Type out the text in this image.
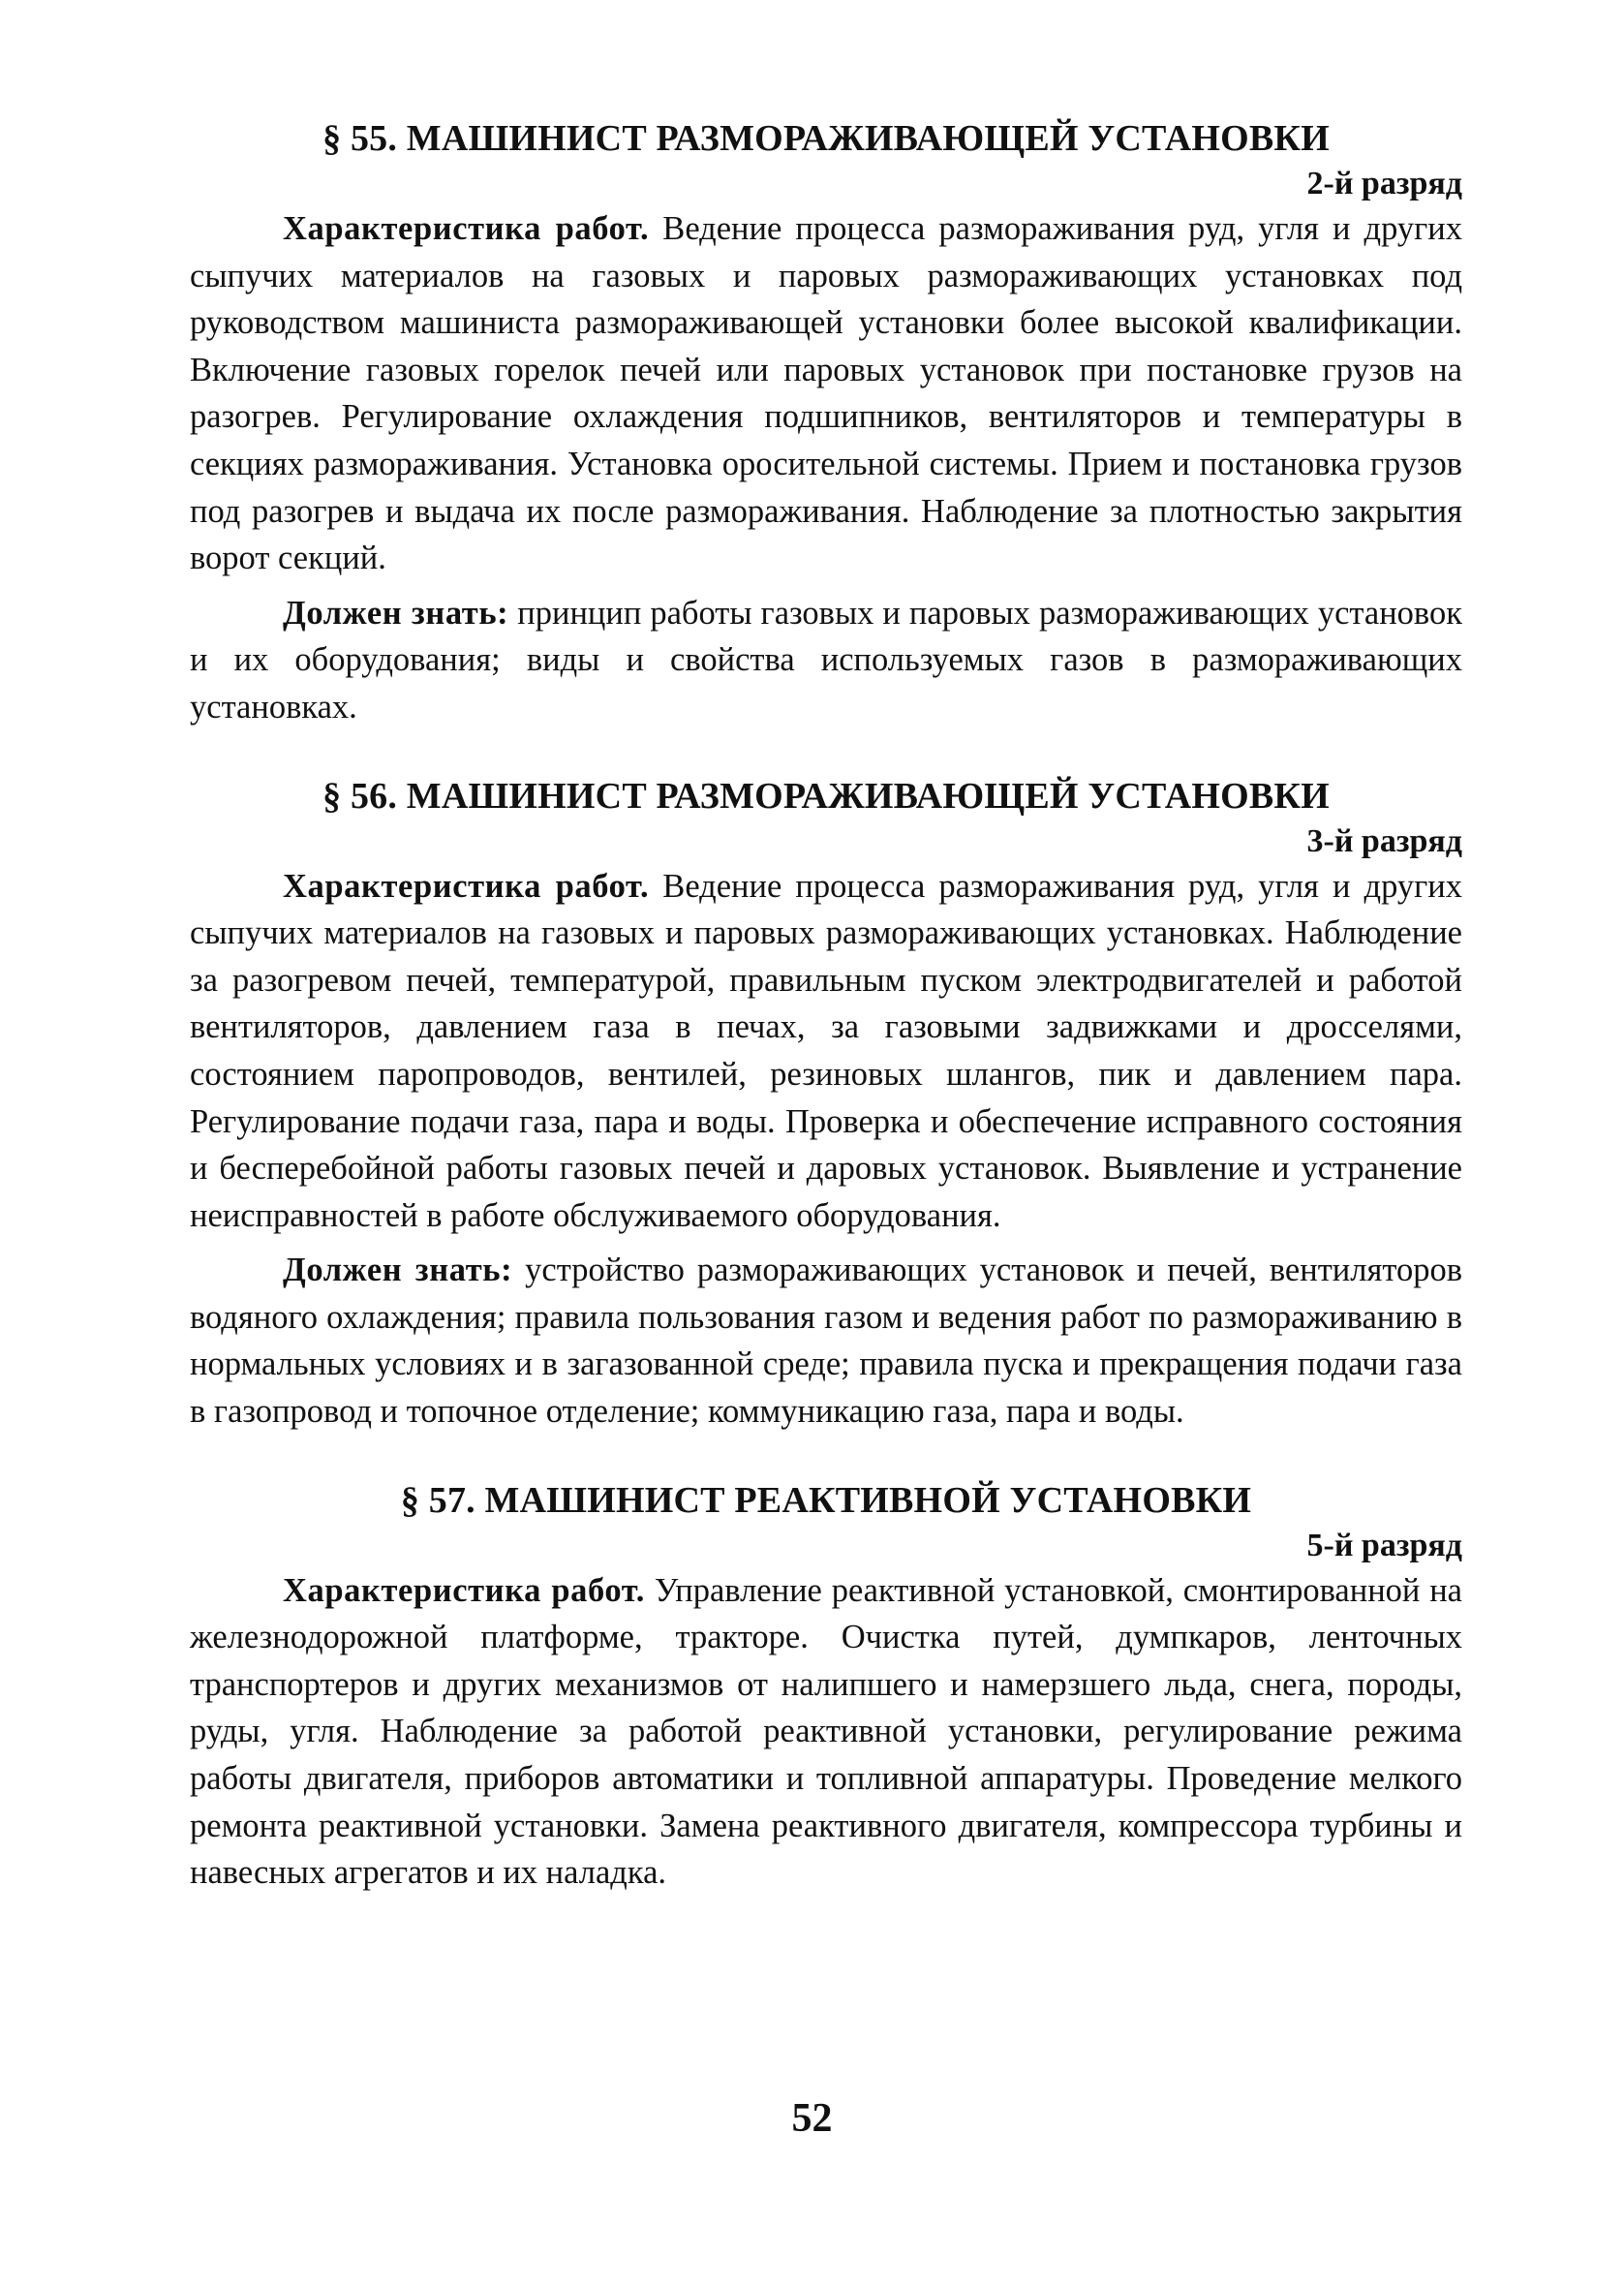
§ 55. МАШИНИСТ РАЗМОРАЖИВАЮЩЕЙ УСТАНОВКИ
2-й разряд

Характеристика работ. Ведение процесса размораживания руд, угля и других сыпучих материалов на газовых и паровых размораживающих установках под руководством машиниста размораживающей установки более высокой квалификации. Включение газовых горелок печей или паровых установок при постановке грузов на разогрев. Регулирование охлаждения подшипников, вентиляторов и температуры в секциях размораживания. Установка оросительной системы. Прием и постановка грузов под разогрев и выдача их после размораживания. Наблюдение за плотностью закрытия ворот секций.

Должен знать: принцип работы газовых и паровых размораживающих установок и их оборудования; виды и свойства используемых газов в размораживающих установках.

§ 56. МАШИНИСТ РАЗМОРАЖИВАЮЩЕЙ УСТАНОВКИ
3-й разряд

Характеристика работ. Ведение процесса размораживания руд, угля и других сыпучих материалов на газовых и паровых размораживающих установках. Наблюдение за разогревом печей, температурой, правильным пуском электродвигателей и работой вентиляторов, давлением газа в печах, за газовыми задвижками и дросселями, состоянием паропроводов, вентилей, резиновых шлангов, пик и давлением пара. Регулирование подачи газа, пара и воды. Проверка и обеспечение исправного состояния и бесперебойной работы газовых печей и даровых установок. Выявление и устранение неисправностей в работе обслуживаемого оборудования.

Должен знать: устройство размораживающих установок и печей, вентиляторов водяного охлаждения; правила пользования газом и ведения работ по размораживанию в нормальных условиях и в загазованной среде; правила пуска и прекращения подачи газа в газопровод и топочное отделение; коммуникацию газа, пара и воды.

§ 57. МАШИНИСТ РЕАКТИВНОЙ УСТАНОВКИ
5-й разряд

Характеристика работ. Управление реактивной установкой, смонтированной на железнодорожной платформе, тракторе. Очистка путей, думпкаров, ленточных транспортеров и других механизмов от налипшего и намерзшего льда, снега, породы, руды, угля. Наблюдение за работой реактивной установки, регулирование режима работы двигателя, приборов автоматики и топливной аппаратуры. Проведение мелкого ремонта реактивной установки. Замена реактивного двигателя, компрессора турбины и навесных агрегатов и их наладка.

52
